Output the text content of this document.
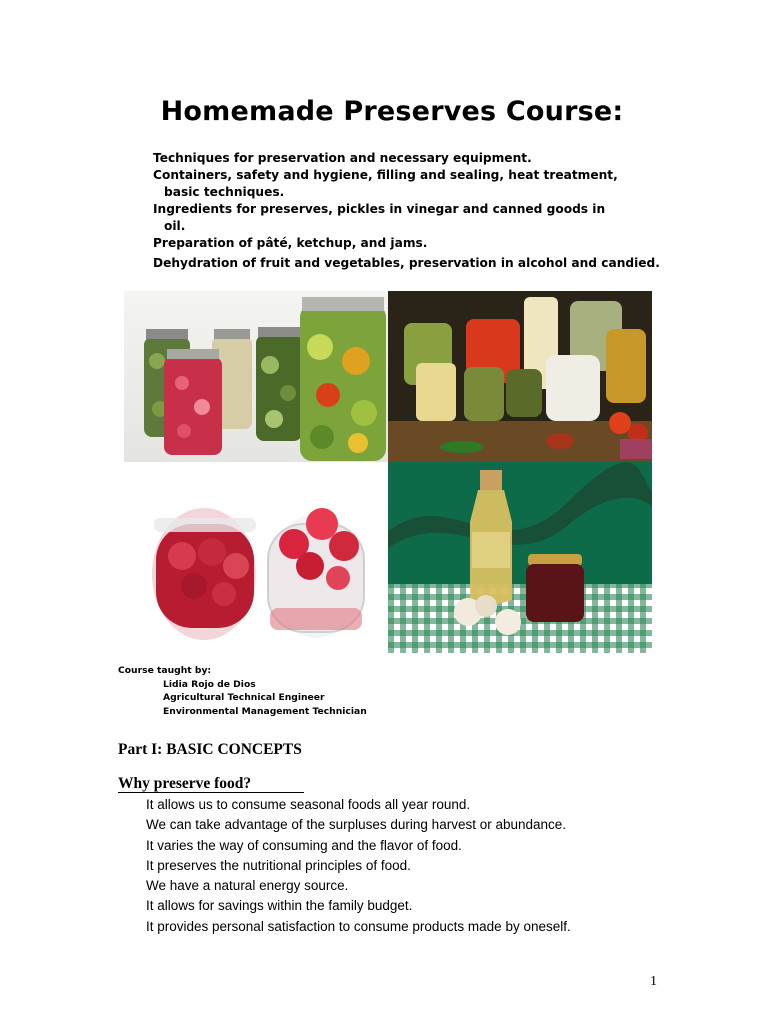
Homemade Preserves Course:
Techniques for preservation and necessary equipment.
Containers, safety and hygiene, filling and sealing, heat treatment,
basic techniques.
Ingredients for preserves, pickles in vinegar and canned goods in
oil.
Preparation of pâté, ketchup, and jams.
Dehydration of fruit and vegetables, preservation in alcohol and candied.
Course taught by:
Lidia Rojo de Dios
Agricultural Technical Engineer
Environmental Management Technician
Part I: BASIC CONCEPTS
Why preserve food?
It allows us to consume seasonal foods all year round.
We can take advantage of the surpluses during harvest or abundance.
It varies the way of consuming and the flavor of food.
It preserves the nutritional principles of food.
We have a natural energy source.
It allows for savings within the family budget.
It provides personal satisfaction to consume products made by oneself.
1
